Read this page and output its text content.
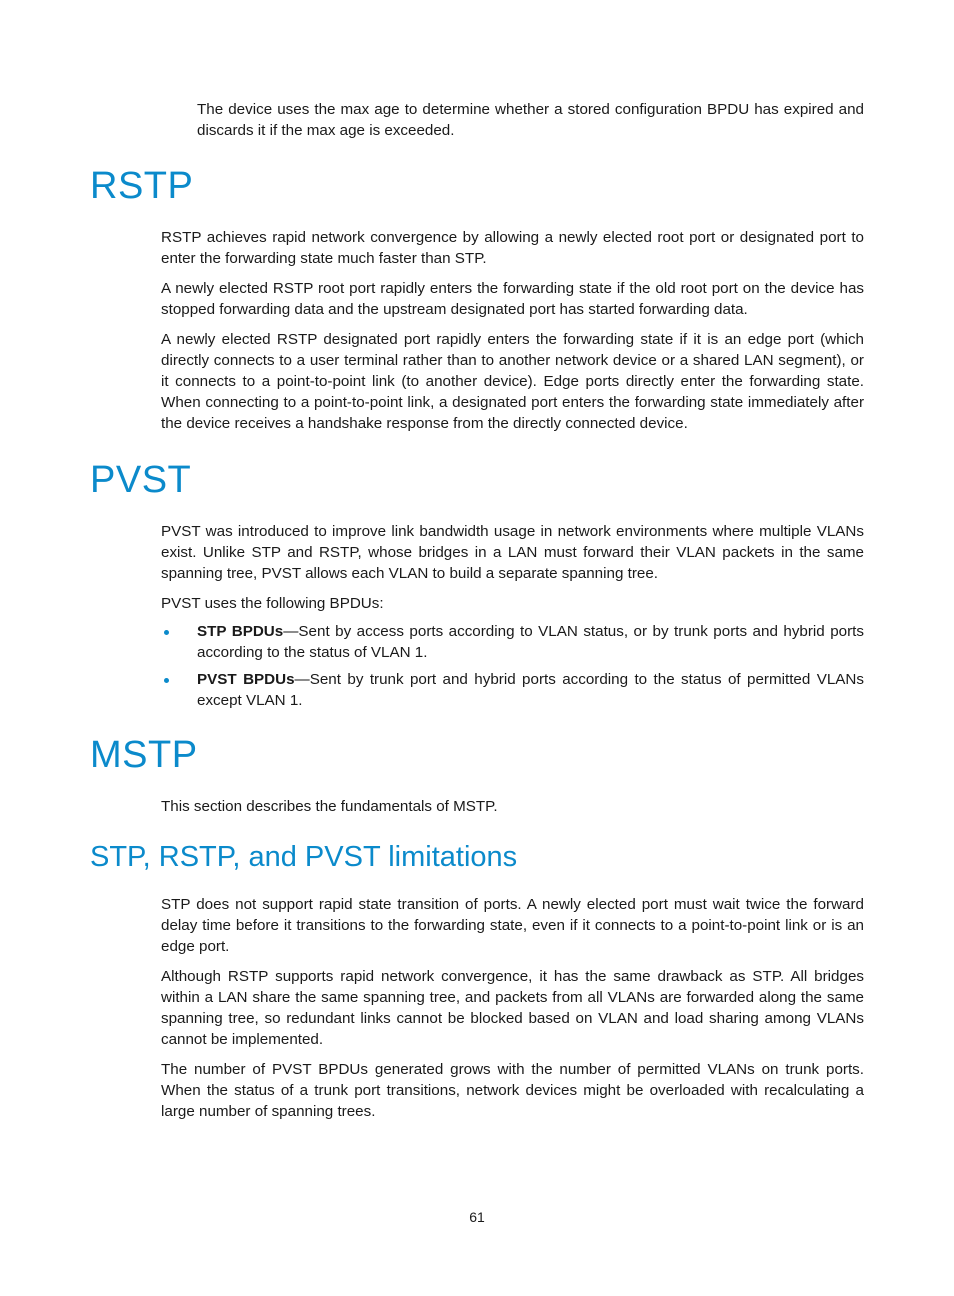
The device uses the max age to determine whether a stored configuration BPDU has expired and discards it if the max age is exceeded.

RSTP

RSTP achieves rapid network convergence by allowing a newly elected root port or designated port to enter the forwarding state much faster than STP.

A newly elected RSTP root port rapidly enters the forwarding state if the old root port on the device has stopped forwarding data and the upstream designated port has started forwarding data.

A newly elected RSTP designated port rapidly enters the forwarding state if it is an edge port (which directly connects to a user terminal rather than to another network device or a shared LAN segment), or it connects to a point-to-point link (to another device). Edge ports directly enter the forwarding state. When connecting to a point-to-point link, a designated port enters the forwarding state immediately after the device receives a handshake response from the directly connected device.

PVST

PVST was introduced to improve link bandwidth usage in network environments where multiple VLANs exist. Unlike STP and RSTP, whose bridges in a LAN must forward their VLAN packets in the same spanning tree, PVST allows each VLAN to build a separate spanning tree.

PVST uses the following BPDUs:

STP BPDUs—Sent by access ports according to VLAN status, or by trunk ports and hybrid ports according to the status of VLAN 1.
PVST BPDUs—Sent by trunk port and hybrid ports according to the status of permitted VLANs except VLAN 1.
MSTP

This section describes the fundamentals of MSTP.

STP, RSTP, and PVST limitations

STP does not support rapid state transition of ports. A newly elected port must wait twice the forward delay time before it transitions to the forwarding state, even if it connects to a point-to-point link or is an edge port.

Although RSTP supports rapid network convergence, it has the same drawback as STP. All bridges within a LAN share the same spanning tree, and packets from all VLANs are forwarded along the same spanning tree, so redundant links cannot be blocked based on VLAN and load sharing among VLANs cannot be implemented.

The number of PVST BPDUs generated grows with the number of permitted VLANs on trunk ports. When the status of a trunk port transitions, network devices might be overloaded with recalculating a large number of spanning trees.

61
